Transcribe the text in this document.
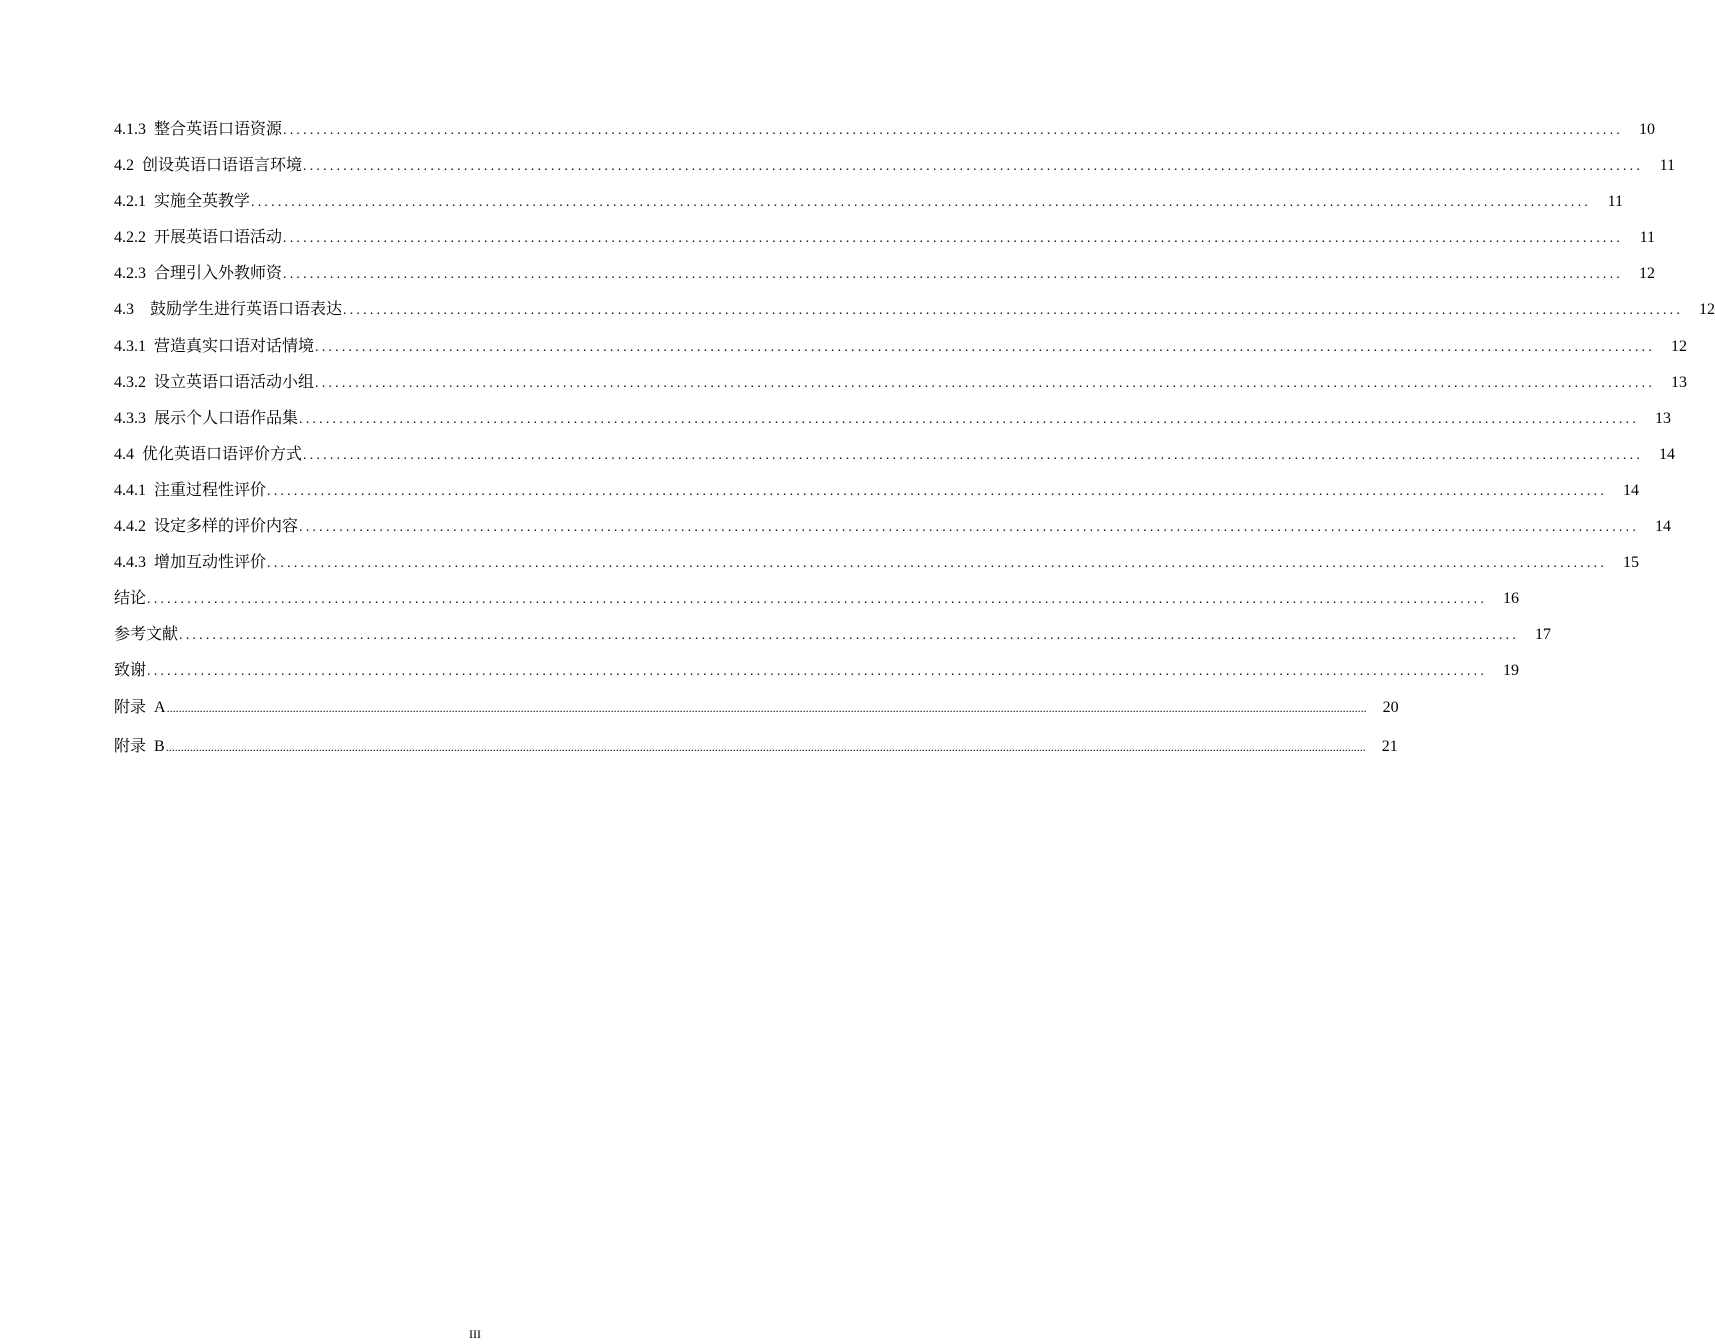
4.1.3  整合英语口语资源 ........................................................................................................................................................................................................	10
4.2  创设英语口语语言环境 ........................................................................................................................................................................................................	11
4.2.1  实施全英教学 ........................................................................................................................................................................................................	11
4.2.2  开展英语口语活动 ........................................................................................................................................................................................................	11
4.2.3  合理引入外教师资 ........................................................................................................................................................................................................	12
4.3    鼓励学生进行英语口语表达 ........................................................................................................................................................................................................	12
4.3.1  营造真实口语对话情境 ........................................................................................................................................................................................................	12
4.3.2  设立英语口语活动小组 ........................................................................................................................................................................................................	13
4.3.3  展示个人口语作品集 ........................................................................................................................................................................................................	13
4.4  优化英语口语评价方式 ........................................................................................................................................................................................................	14
4.4.1  注重过程性评价 ........................................................................................................................................................................................................	14
4.4.2  设定多样的评价内容 ........................................................................................................................................................................................................	14
4.4.3  增加互动性评价 ........................................................................................................................................................................................................	15
结论 ........................................................................................................................................................................................................	16
参考文献 ........................................................................................................................................................................................................	17
致谢 ........................................................................................................................................................................................................	19
附录  A ................................................................................................................................................................................................................................................................................................................................................................................................................	20
附录  B ................................................................................................................................................................................................................................................................................................................................................................................................................	21
III
